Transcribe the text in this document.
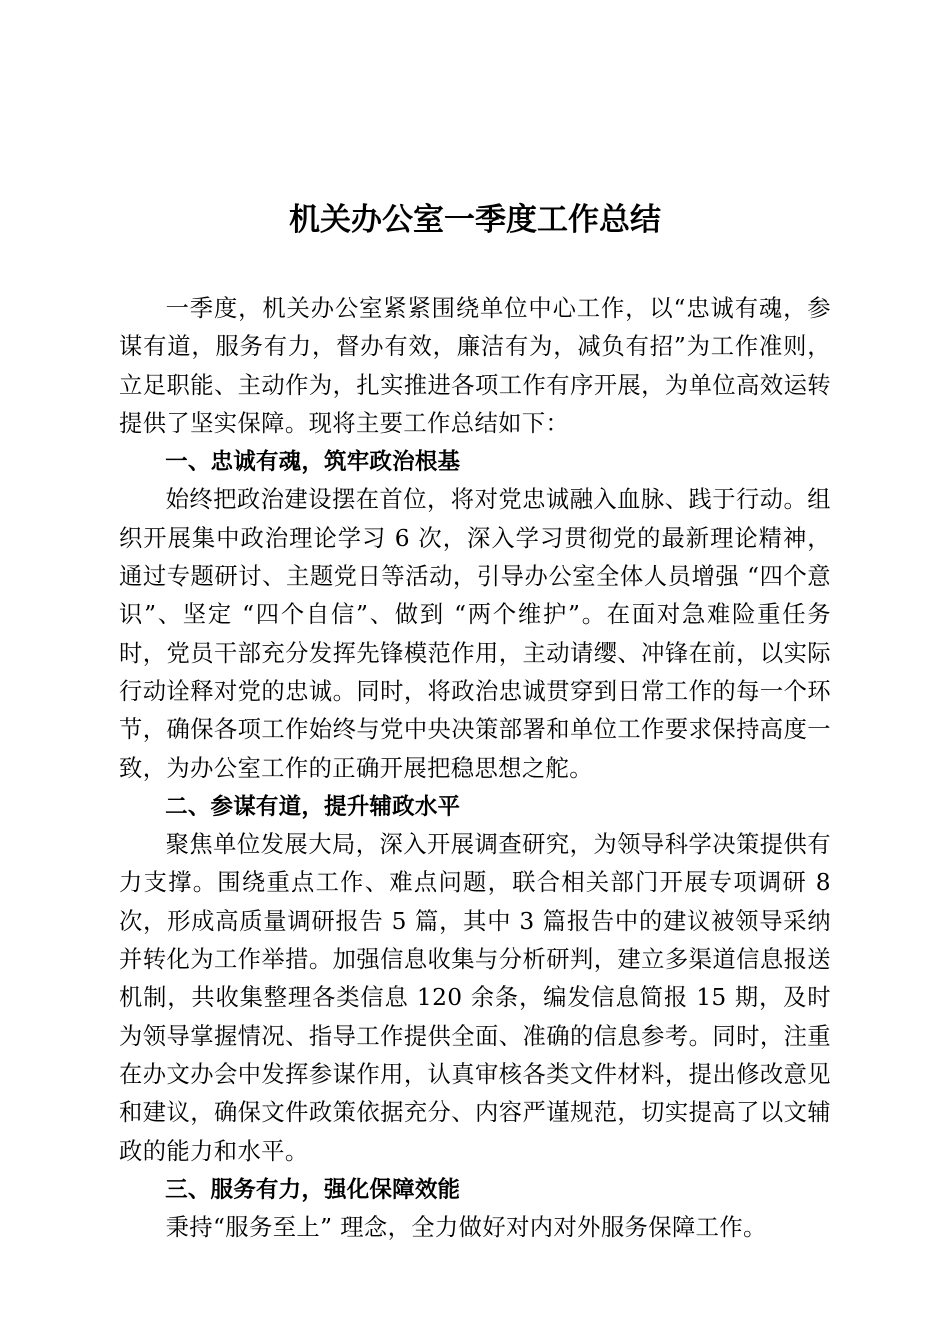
机关办公室一季度工作总结

一季度，机关办公室紧紧围绕单位中心工作，以“忠诚有魂，参谋有道，服务有力，督办有效，廉洁有为，减负有招”为工作准则，立足职能、主动作为，扎实推进各项工作有序开展，为单位高效运转提供了坚实保障。现将主要工作总结如下：

一、忠诚有魂，筑牢政治根基

始终把政治建设摆在首位，将对党忠诚融入血脉、践于行动。组织开展集中政治理论学习 6 次，深入学习贯彻党的最新理论精神，通过专题研讨、主题党日等活动，引导办公室全体人员增强 “四个意识”、坚定 “四个自信”、做到 “两个维护”。在面对急难险重任务时，党员干部充分发挥先锋模范作用，主动请缨、冲锋在前，以实际行动诠释对党的忠诚。同时，将政治忠诚贯穿到日常工作的每一个环节，确保各项工作始终与党中央决策部署和单位工作要求保持高度一致，为办公室工作的正确开展把稳思想之舵。

二、参谋有道，提升辅政水平

聚焦单位发展大局，深入开展调查研究，为领导科学决策提供有力支撑。围绕重点工作、难点问题，联合相关部门开展专项调研 8 次，形成高质量调研报告 5 篇，其中 3 篇报告中的建议被领导采纳并转化为工作举措。加强信息收集与分析研判，建立多渠道信息报送机制，共收集整理各类信息 120 余条，编发信息简报 15 期，及时为领导掌握情况、指导工作提供全面、准确的信息参考。同时，注重在办文办会中发挥参谋作用，认真审核各类文件材料，提出修改意见和建议，确保文件政策依据充分、内容严谨规范，切实提高了以文辅政的能力和水平。

三、服务有力，强化保障效能

秉持“服务至上” 理念，全力做好对内对外服务保障工作。
